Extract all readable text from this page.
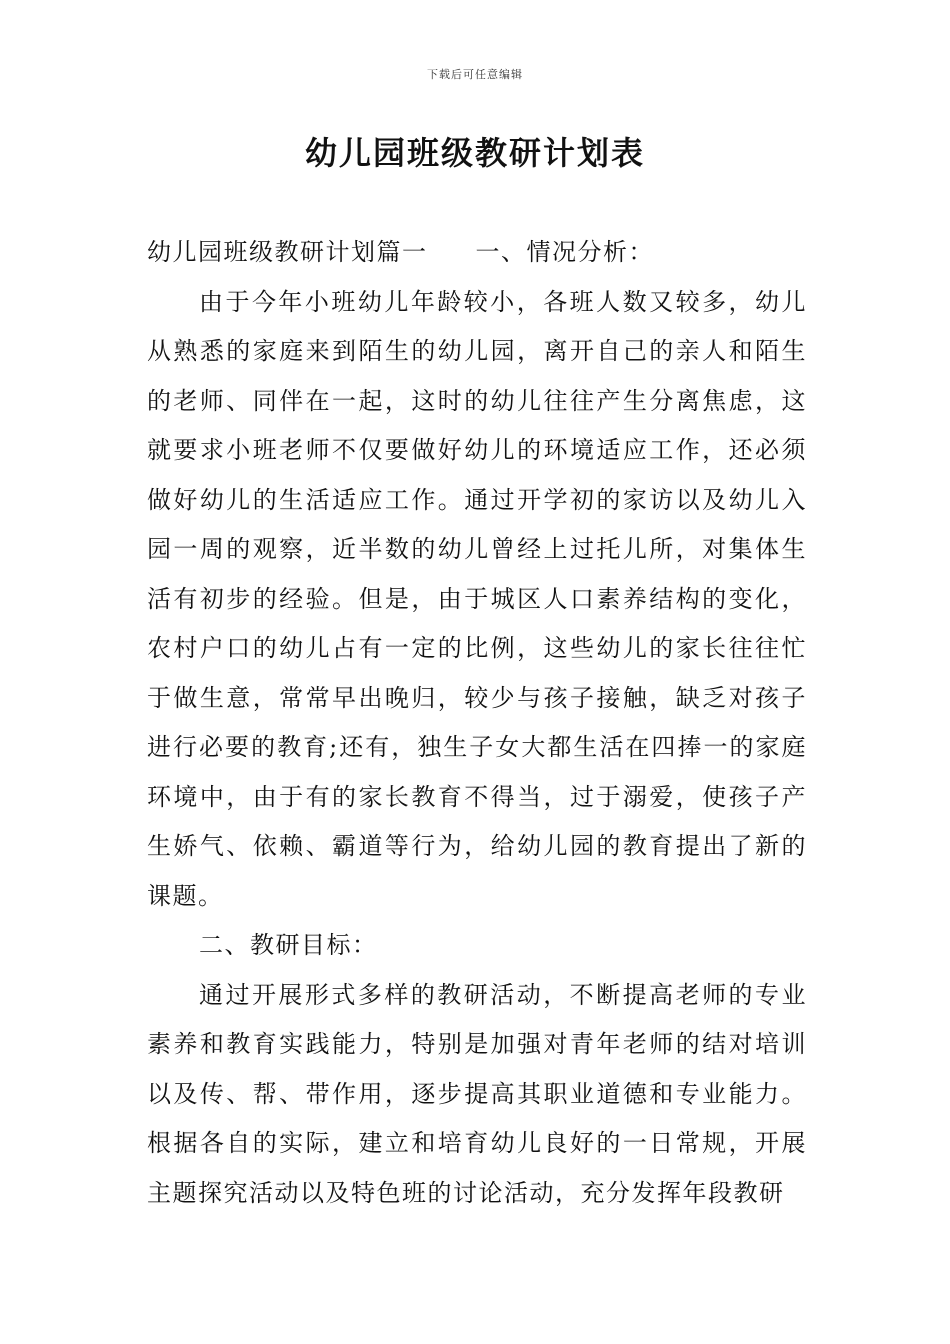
下载后可任意编辑
幼儿园班级教研计划表

幼儿园班级教研计划篇一 一、情况分析：

由于今年小班幼儿年龄较小，各班人数又较多，幼儿从熟悉的家庭来到陌生的幼儿园，离开自己的亲人和陌生的老师、同伴在一起，这时的幼儿往往产生分离焦虑，这就要求小班老师不仅要做好幼儿的环境适应工作，还必须做好幼儿的生活适应工作。通过开学初的家访以及幼儿入园一周的观察，近半数的幼儿曾经上过托儿所，对集体生活有初步的经验。但是，由于城区人口素养结构的变化，农村户口的幼儿占有一定的比例，这些幼儿的家长往往忙于做生意，常常早出晚归，较少与孩子接触，缺乏对孩子进行必要的教育;还有，独生子女大都生活在四捧一的家庭环境中，由于有的家长教育不得当，过于溺爱，使孩子产生娇气、依赖、霸道等行为，给幼儿园的教育提出了新的课题。

二、教研目标：

通过开展形式多样的教研活动，不断提高老师的专业素养和教育实践能力，特别是加强对青年老师的结对培训以及传、帮、带作用，逐步提高其职业道德和专业能力。根据各自的实际，建立和培育幼儿良好的一日常规，开展主题探究活动以及特色班的讨论活动，充分发挥年段教研
